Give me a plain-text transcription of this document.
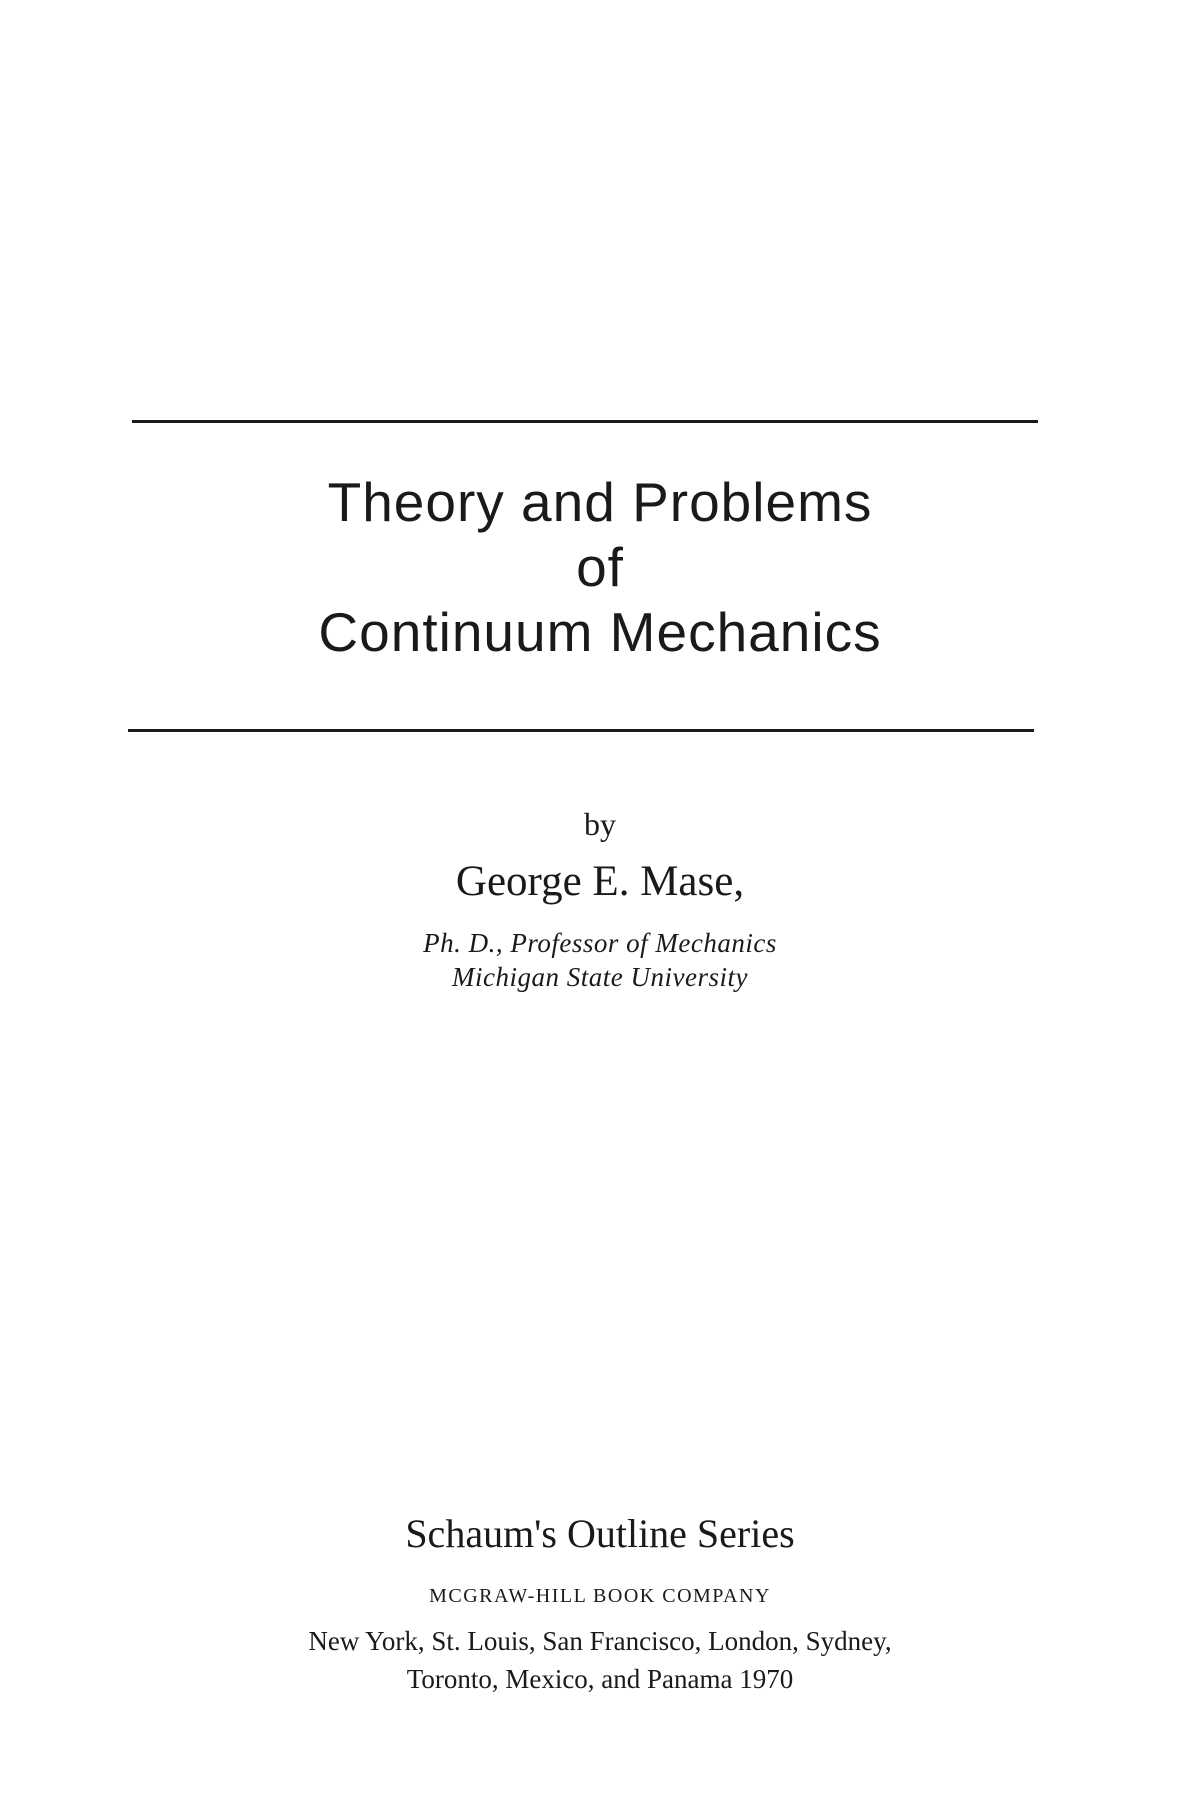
Theory and Problems
of
Continuum Mechanics
by
George E. Mase,
Ph. D., Professor of Mechanics
Michigan State University
Schaum's Outline Series
MCGRAW-HILL BOOK COMPANY
New York, St. Louis, San Francisco, London, Sydney,
Toronto, Mexico, and Panama 1970
